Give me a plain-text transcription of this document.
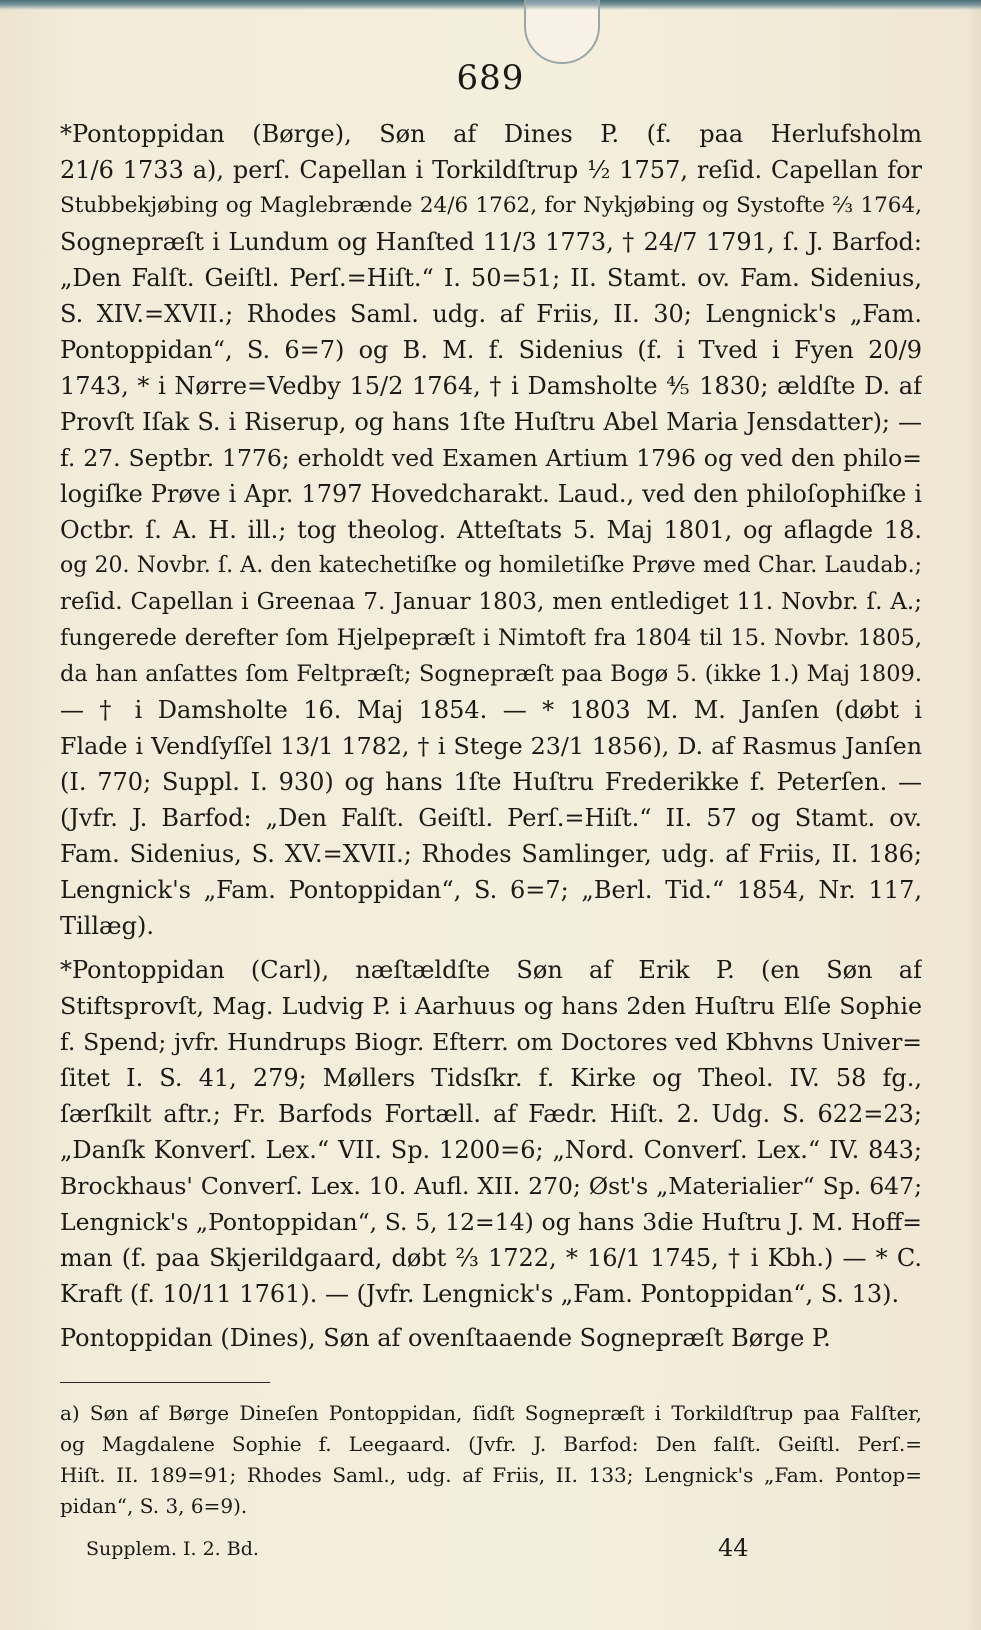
689
*Pontoppidan (Børge), Søn af Dines P. (f. paa Herlufsholm
21/6 1733 a), perſ. Capellan i Torkildſtrup ½ 1757, reſid. Capellan for
Stubbekjøbing og Maglebrænde 24/6 1762, for Nykjøbing og Systofte ⅔ 1764,
Sognepræſt i Lundum og Hanſted 11/3 1773, † 24/7 1791, ſ. J. Barfod:
„Den Falſt. Geiſtl. Perſ.=Hiſt.“ I. 50=51; II. Stamt. ov. Fam. Sidenius,
S. XIV.=XVII.; Rhodes Saml. udg. af Friis, II. 30; Lengnick's „Fam.
Pontoppidan“, S. 6=7) og B. M. f. Sidenius (f. i Tved i Fyen 20/9
1743, * i Nørre=Vedby 15/2 1764, † i Damsholte ⅘ 1830; ældſte D. af
Provſt Iſak S. i Riserup, og hans 1ſte Huſtru Abel Maria Jensdatter); —
f. 27. Septbr. 1776; erholdt ved Examen Artium 1796 og ved den philo=
logiſke Prøve i Apr. 1797 Hovedcharakt. Laud., ved den philoſophiſke i
Octbr. ſ. A. H. ill.; tog theolog. Atteſtats 5. Maj 1801, og aflagde 18.
og 20. Novbr. ſ. A. den katechetiſke og homiletiſke Prøve med Char. Laudab.;
reſid. Capellan i Greenaa 7. Januar 1803, men entlediget 11. Novbr. ſ. A.;
fungerede derefter ſom Hjelpepræſt i Nimtoft fra 1804 til 15. Novbr. 1805,
da han anſattes ſom Feltpræſt; Sognepræſt paa Bogø 5. (ikke 1.) Maj 1809.
— † i Damsholte 16. Maj 1854. — * 1803 M. M. Janſen (døbt i
Flade i Vendſyſſel 13/1 1782, † i Stege 23/1 1856), D. af Rasmus Janſen
(I. 770; Suppl. I. 930) og hans 1ſte Huſtru Frederikke f. Peterſen. —
(Jvfr. J. Barfod: „Den Falſt. Geiſtl. Perſ.=Hiſt.“ II. 57 og Stamt. ov.
Fam. Sidenius, S. XV.=XVII.; Rhodes Samlinger, udg. af Friis, II. 186;
Lengnick's „Fam. Pontoppidan“, S. 6=7; „Berl. Tid.“ 1854, Nr. 117,
Tillæg).
*Pontoppidan (Carl), næſtældſte Søn af Erik P. (en Søn af
Stiftsprovſt, Mag. Ludvig P. i Aarhuus og hans 2den Huſtru Elſe Sophie
f. Spend; jvfr. Hundrups Biogr. Efterr. om Doctores ved Kbhvns Univer=
ſitet I. S. 41, 279; Møllers Tidsſkr. f. Kirke og Theol. IV. 58 fg.,
ſærſkilt aftr.; Fr. Barfods Fortæll. af Fædr. Hiſt. 2. Udg. S. 622=23;
„Danſk Konverſ. Lex.“ VII. Sp. 1200=6; „Nord. Converſ. Lex.“ IV. 843;
Brockhaus' Converſ. Lex. 10. Aufl. XII. 270; Øst's „Materialier“ Sp. 647;
Lengnick's „Pontoppidan“, S. 5, 12=14) og hans 3die Huſtru J. M. Hoff=
man (f. paa Skjerildgaard, døbt ⅔ 1722, * 16/1 1745, † i Kbh.) — * C.
Kraft (f. 10/11 1761). — (Jvfr. Lengnick's „Fam. Pontoppidan“, S. 13).
Pontoppidan (Dines), Søn af ovenſtaaende Sognepræſt Børge P.
a) Søn af Børge Dineſen Pontoppidan, ſidſt Sognepræſt i Torkildſtrup paa Falſter,
og Magdalene Sophie f. Leegaard. (Jvfr. J. Barfod: Den falſt. Geiſtl. Perſ.=
Hiſt. II. 189=91; Rhodes Saml., udg. af Friis, II. 133; Lengnick's „Fam. Pontop=
pidan“, S. 3, 6=9).
Supplem. I. 2. Bd.	44
